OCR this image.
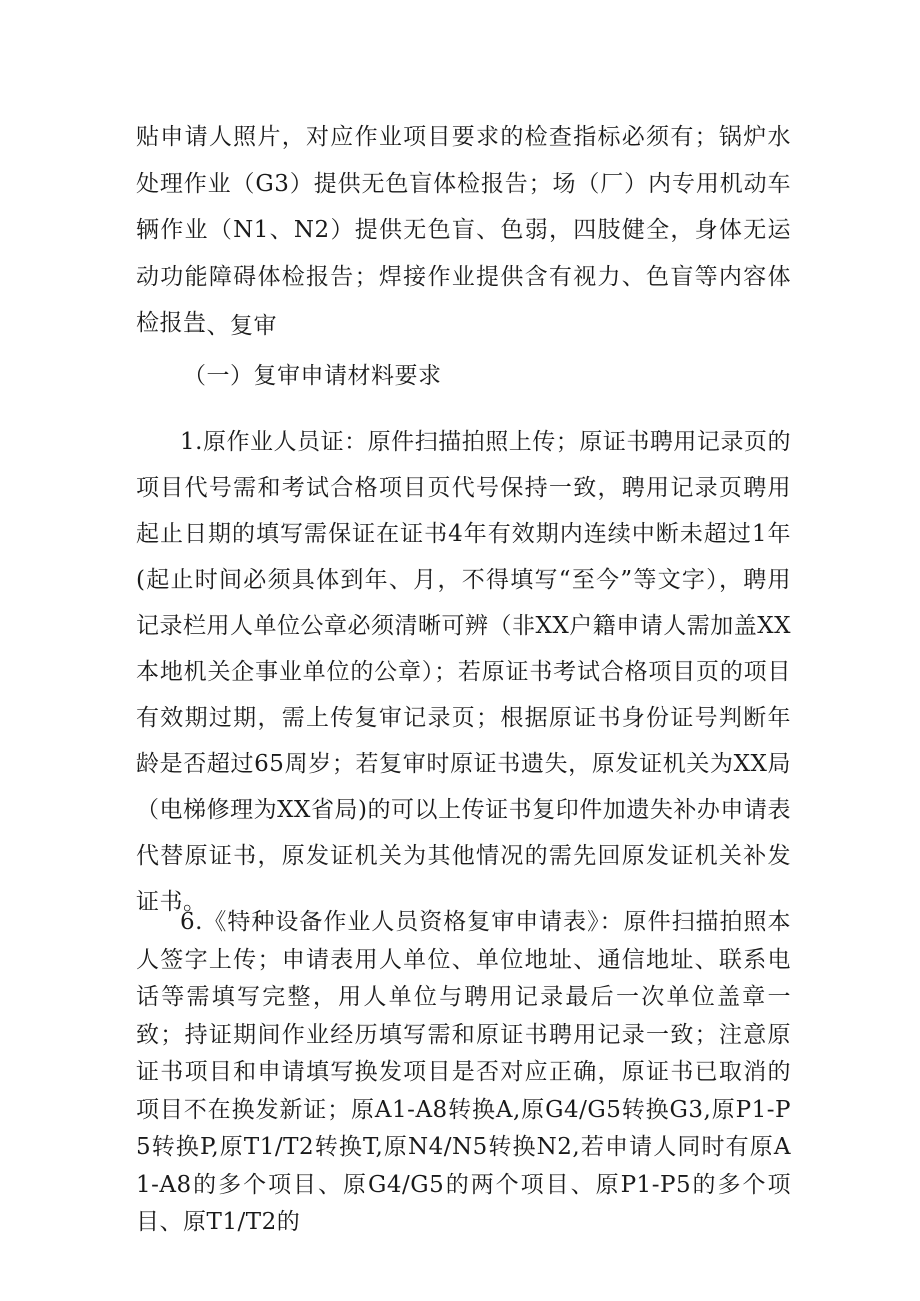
贴申请人照片，对应作业项目要求的检查指标必须有；锅炉水处理作业（G3）提供无色盲体检报告；场（厂）内专用机动车辆作业（N1、N2）提供无色盲、色弱，四肢健全，身体无运动功能障碍体检报告；焊接作业提供含有视力、色盲等内容体检报告

二、复审

（一）复审申请材料要求

1.原作业人员证：原件扫描拍照上传；原证书聘用记录页的项目代号需和考试合格项目页代号保持一致，聘用记录页聘用起止日期的填写需保证在证书4年有效期内连续中断未超过1年(起止时间必须具体到年、月，不得填写“至今”等文字），聘用记录栏用人单位公章必须清晰可辨（非XX户籍申请人需加盖XX本地机关企事业单位的公章）；若原证书考试合格项目页的项目有效期过期，需上传复审记录页；根据原证书身份证号判断年龄是否超过65周岁；若复审时原证书遗失，原发证机关为XX局（电梯修理为XX省局)的可以上传证书复印件加遗失补办申请表代替原证书，原发证机关为其他情况的需先回原发证机关补发证书。

6.《特种设备作业人员资格复审申请表》：原件扫描拍照本人签字上传；申请表用人单位、单位地址、通信地址、联系电话等需填写完整，用人单位与聘用记录最后一次单位盖章一致；持证期间作业经历填写需和原证书聘用记录一致；注意原证书项目和申请填写换发项目是否对应正确，原证书已取消的项目不在换发新证；原A1-A8转换A,原G4/G5转换G3,原P1-P5转换P,原T1/T2转换T,原N4/N5转换N2,若申请人同时有原A1-A8的多个项目、原G4/G5的两个项目、原P1-P5的多个项目、原T1/T2的
